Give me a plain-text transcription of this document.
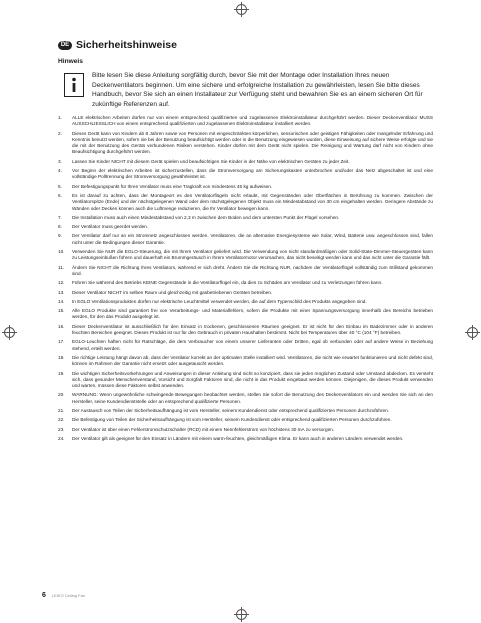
DE Sicherheitshinweise
Hinweis
Bitte lesen Sie diese Anleitung sorgfältig durch, bevor Sie mit der Montage oder Installation Ihres neuen Deckenventilators beginnen. Um eine sichere und erfolgreiche Installation zu gewährleisten, lesen Sie bitte dieses Handbuch, bevor Sie sich an einen Installateur zur Verfügung steht und bewahren Sie es an einem sicheren Ort für zukünftige Referenzen auf.
1.	ALLE elektrischen Arbeiten dürfen nur von einem entsprechend qualifizierten und zugelassenen Elektroinstallateur durchgeführt werden. Dieser Deckenventilator MUSS AUSSCHLIESSLICH von einem entsprechend qualifizierten und zugelassenen Elektroinstallateur installiert werden.
2.	Dieses Gerät kann von Kindern ab 8 Jahren sowie von Personen mit eingeschränkten körperlichen, sensorischen oder geistigen Fähigkeiten oder mangelnder Erfahrung und Kenntnis benutzt werden, sofern sie bei der Benutzung beaufsichtigt werden oder in die Benutzung eingewiesen wurden, diese Einweisung auf sichere Weise erfolgte und sie die mit der Benutzung des Geräts verbundenen Risiken verstehen. Kinder dürfen mit dem Gerät nicht spielen. Die Reinigung und Wartung darf nicht von Kindern ohne Beaufsichtigung durchgeführt werden.
3.	Lassen Sie Kinder NICHT mit diesem Gerät spielen und beaufsichtigen Sie Kinder in der Nähe von elektrischen Geräten zu jeder Zeit.
4.	Vor Beginn der elektrischen Arbeiten ist sicherzustellen, dass die Stromversorgung am Sicherungskasten unterbrochen und/oder das Netz abgeschaltet ist und eine vollständige Polltrennung der Stromversorgung gewährleistet ist.
5.	Der Befestigungspunkt für Ihren Ventilator muss eine Tragkraft von mindestens 45 kg aufweisen.
6.	Es ist darauf zu achten, dass der Montageort es den Ventilatorflügeln nicht erlaubt, mit Gegenständen oder Oberflächen in Berührung zu kommen. Zwischen der Ventilatorspitze (Ende) und der nächstgelegenen Wand oder dem nächstgelegenen Objekt muss ein Mindestabstand von 30 cm eingehalten werden. Geringere Abstände zu Wänden oder Decken können auch die Luftmenge reduzieren, die Ihr Ventilator bewegen kann.
7.	Die Installation muss auch einen Mindestabstand von 2,3 m zwischen dem Boden und dem untersten Punkt der Flügel vorsehen.
8.	Der Ventilator muss geerdet werden.
9.	Der Ventilator darf nur an ein Stromnetz angeschlossen werden. Ventilatoren, die an alternative Energiesysteme wie Solar, Wind, Batterie usw. angeschlossen sind, fallen nicht unter die Bedingungen dieser Garantie.
10.	Verwenden Sie NUR die EGLO-Steuerung, die mit Ihrem Ventilator geliefert wird. Die Verwendung von nicht standardmäßigen oder Solid-State-Dimmer-Steuergeräten kann zu Leistungseinbußen führen und dauerhaft ein Brummgeräusch in Ihrem Ventilatormotor verursachen, das nicht beseitigt werden kann und das nicht unter die Garantie fällt.
11.	Ändern Sie NICHT die Richtung Ihres Ventilators, während er sich dreht. Ändern Sie die Richtung NUR, nachdem der Ventilatorflügel vollständig zum Stillstand gekommen sind.
12.	Führen Sie während des Betriebs KEINE Gegenstände in die Ventilatorflügel ein, da dies zu Schäden am Ventilator und zu Verletzungen führen kann.
13.	Dieser Ventilator NICHT im selben Raum und gleichzeitig mit gasbetriebenen Geräten betreiben.
14.	In EGLO Ventilationsprodukten dürfen nur elektrische Leuchtmittel verwendet werden, die auf dem Typenschild des Produkts angegeben sind.
15.	Alle EGLO Produkte sind garantiert frei von Verarbeitungs- und Materialfehlern, sofern die Produkte mit einer Spannungsversorgung innerhalb des Bereichs betrieben werden, für den das Produkt ausgelegt ist.
16.	Dieser Deckenventilator ist ausschließlich für den Einsatz in trockenen, geschlossenen Räumen geeignet. Er ist nicht für den Einbau im Badezimmer oder in anderen feuchten Bereichen geeignet. Dieses Produkt ist nur für den Gebrauch in privaten Haushalten bestimmt. Nicht bei Temperaturen über 40 °C (104 °F) betreiben.
17.	EGLO-Leuchten haften nicht für Ratschläge, die dem Verbraucher von einem unserer Lieferanten oder Dritten, egal ob verbunden oder auf andere Weise in Beziehung stehend, erteilt werden.
18.	Die richtige Leistung hängt davon ab, dass der Ventilator korrekt an der optimalen Stelle installiert wird. Ventilatoren, die nicht wie erwartet funktionieren und nicht defekt sind, können im Rahmen der Garantie nicht ersetzt oder ausgetauscht werden.
19.	Die wichtigen Sicherheitsvorkehrungen und Anweisungen in dieser Anleitung sind nicht so konzipiert, dass sie jeden möglichen Zustand oder Umstand abdecken. Es versteht sich, dass gesunder Menschenverstand, Vorsicht und Sorgfalt Faktoren sind, die nicht in das Produkt eingebaut werden können. Diejenigen, die dieses Produkt verwenden und warten, müssen diese Faktoren selbst anwenden.
20.	WARNUNG: Wenn ungewöhnliche schwingende Bewegungen beobachtet werden, stellen Sie sofort die Benutzung des Deckenventilators ein und wenden Sie sich an den Hersteller, seine Kundendienststelle oder an entsprechend qualifizierte Personen.
21.	Der Austausch von Teilen der Sicherheitsaufhängung ist vom Hersteller, seinem Kundendienst oder entsprechend qualifizierten Personen durchzuführen.
22.	Die Befestigung von Teilen der Sicherheitsaufhängung ist vom Hersteller, seinem Kundendienst oder entsprechend qualifizierten Personen durchzuführen.
23.	Der Ventilator ist über einen Fehlerstromschutzschalter (RCD) mit einem Nennfehlerstrom von höchstens 30 mA zu versorgen.
24.	Der Ventilator gilt als geeignet für den Einsatz in Ländern mit einem warm-feuchten, gleichmäßigen Klima. Er kann auch in anderen Ländern verwendet werden.
6 LEIKO Ceiling Fan
